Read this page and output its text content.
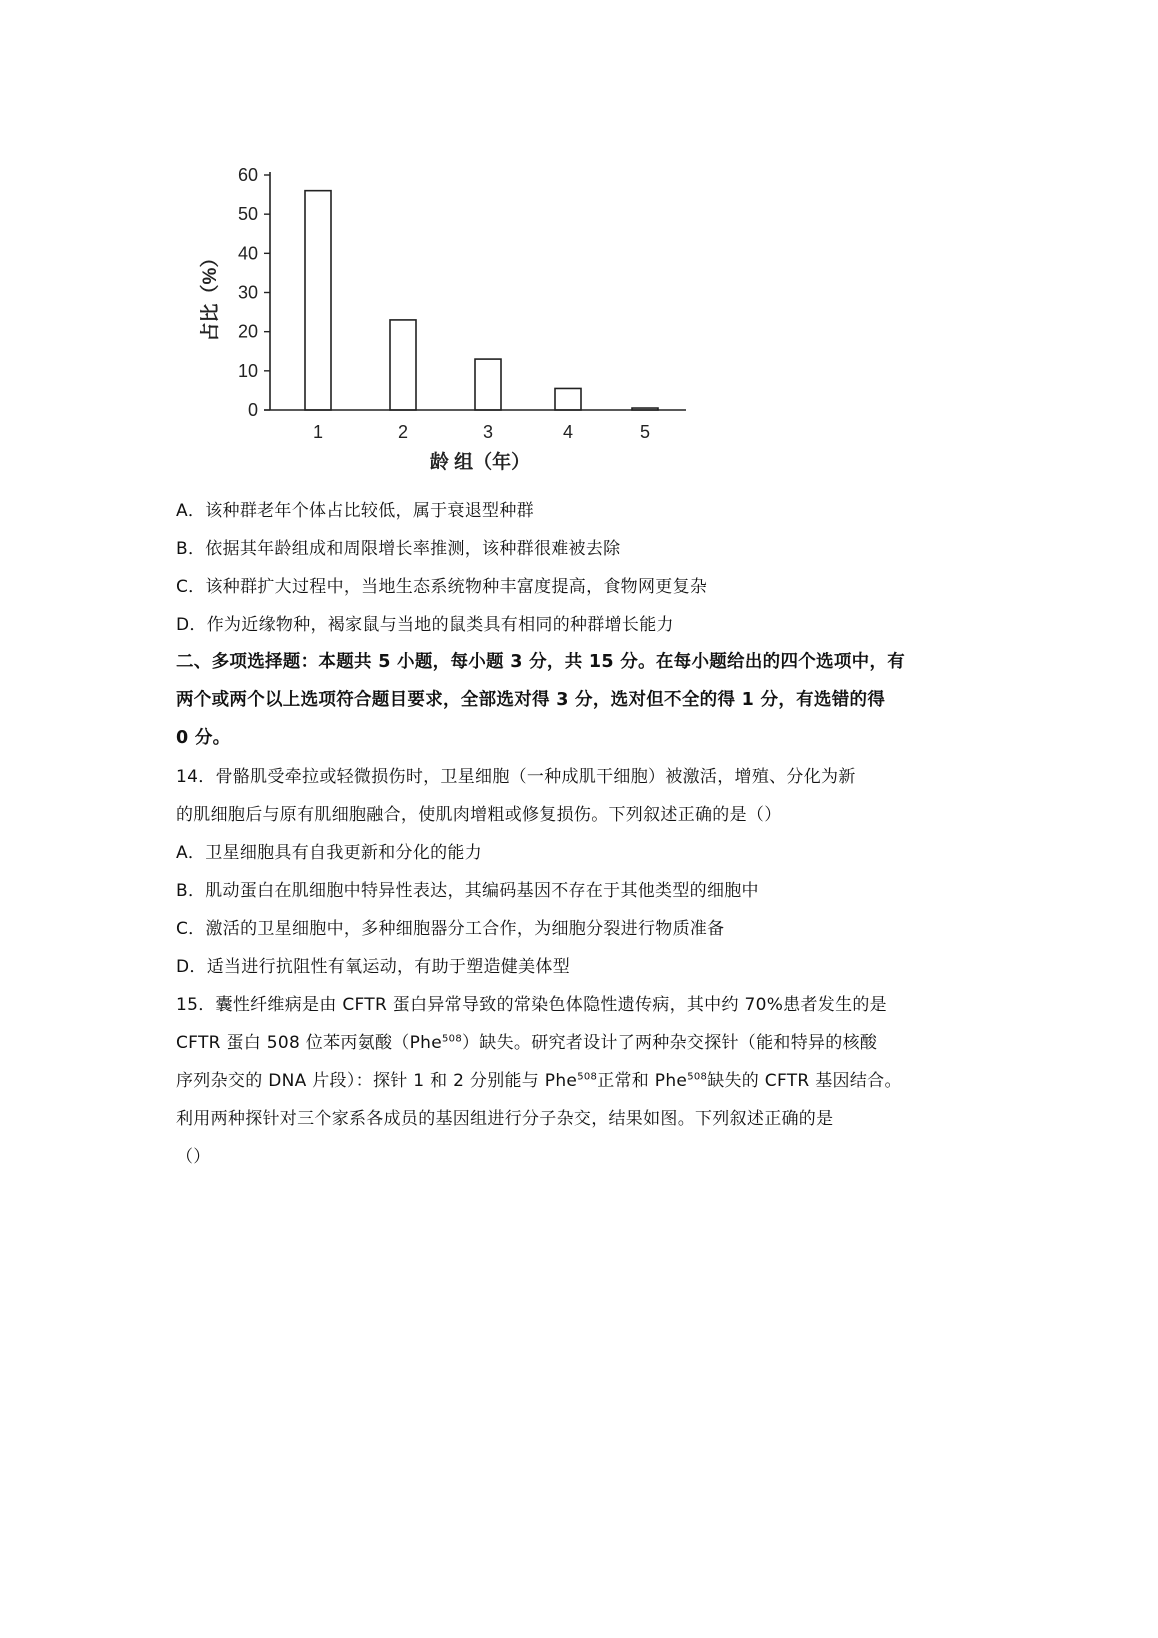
0
10
20
30
40
50
60
1	2	3	4	5
占比（%）
龄 组（年）
A．该种群老年个体占比较低，属于衰退型种群
B．依据其年龄组成和周限增长率推测，该种群很难被去除
C．该种群扩大过程中，当地生态系统物种丰富度提高，食物网更复杂
D．作为近缘物种，褐家鼠与当地的鼠类具有相同的种群增长能力
二、多项选择题：本题共 5 小题，每小题 3 分，共 15 分。在每小题给出的四个选项中，有
两个或两个以上选项符合题目要求，全部选对得 3 分，选对但不全的得 1 分，有选错的得
0 分。
14．骨骼肌受牵拉或轻微损伤时，卫星细胞（一种成肌干细胞）被激活，增殖、分化为新
的肌细胞后与原有肌细胞融合，使肌肉增粗或修复损伤。下列叙述正确的是（）
A．卫星细胞具有自我更新和分化的能力
B．肌动蛋白在肌细胞中特异性表达，其编码基因不存在于其他类型的细胞中
C．激活的卫星细胞中，多种细胞器分工合作，为细胞分裂进行物质准备
D．适当进行抗阻性有氧运动，有助于塑造健美体型
15．囊性纤维病是由 CFTR 蛋白异常导致的常染色体隐性遗传病，其中约 70%患者发生的是
CFTR 蛋白 508 位苯丙氨酸（Phe$^{508}$）缺失。研究者设计了两种杂交探针（能和特异的核酸
序列杂交的 DNA 片段）：探针 1 和 2 分别能与 Phe$^{508}$正常和 Phe$^{508}$缺失的 CFTR 基因结合。
利用两种探针对三个家系各成员的基因组进行分子杂交，结果如图。下列叙述正确的是
（）
